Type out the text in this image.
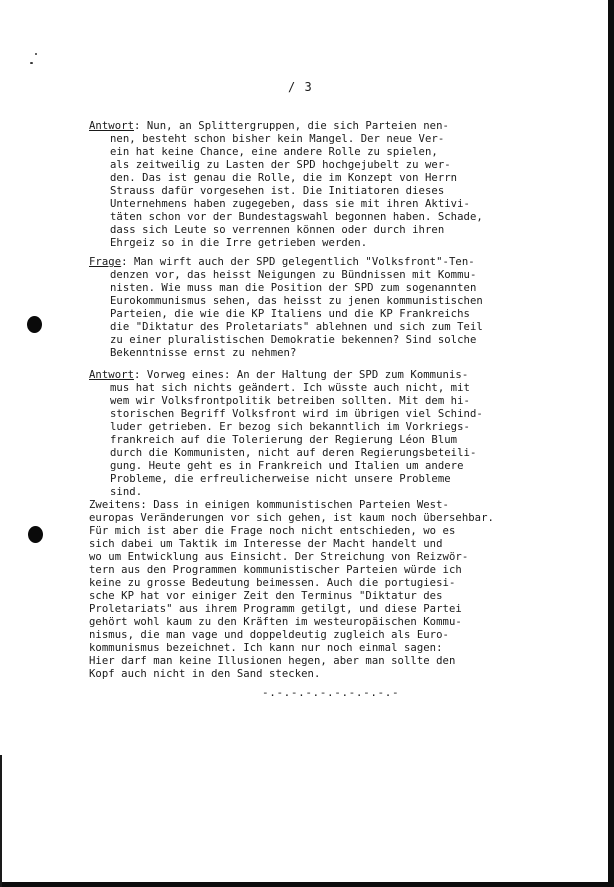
/ 3
Antwort: Nun, an Splittergruppen, die sich Parteien nen-
nen, besteht schon bisher kein Mangel. Der neue Ver-
ein hat keine Chance, eine andere Rolle zu spielen,
als zeitweilig zu Lasten der SPD hochgejubelt zu wer-
den. Das ist genau die Rolle, die im Konzept von Herrn
Strauss dafür vorgesehen ist. Die Initiatoren dieses
Unternehmens haben zugegeben, dass sie mit ihren Aktivi-
täten schon vor der Bundestagswahl begonnen haben. Schade,
dass sich Leute so verrennen können oder durch ihren
Ehrgeiz so in die Irre getrieben werden.
Frage: Man wirft auch der SPD gelegentlich "Volksfront"-Ten-
denzen vor, das heisst Neigungen zu Bündnissen mit Kommu-
nisten. Wie muss man die Position der SPD zum sogenannten
Eurokommunismus sehen, das heisst zu jenen kommunistischen
Parteien, die wie die KP Italiens und die KP Frankreichs
die "Diktatur des Proletariats" ablehnen und sich zum Teil
zu einer pluralistischen Demokratie bekennen? Sind solche
Bekenntnisse ernst zu nehmen?
Antwort: Vorweg eines: An der Haltung der SPD zum Kommunis-
mus hat sich nichts geändert. Ich wüsste auch nicht, mit
wem wir Volksfrontpolitik betreiben sollten. Mit dem hi-
storischen Begriff Volksfront wird im übrigen viel Schind-
luder getrieben. Er bezog sich bekanntlich im Vorkriegs-
frankreich auf die Tolerierung der Regierung Léon Blum
durch die Kommunisten, nicht auf deren Regierungsbeteili-
gung. Heute geht es in Frankreich und Italien um andere
Probleme, die erfreulicherweise nicht unsere Probleme
sind.
Zweitens: Dass in einigen kommunistischen Parteien West-
europas Veränderungen vor sich gehen, ist kaum noch übersehbar.
Für mich ist aber die Frage noch nicht entschieden, wo es
sich dabei um Taktik im Interesse der Macht handelt und
wo um Entwicklung aus Einsicht. Der Streichung von Reizwör-
tern aus den Programmen kommunistischer Parteien würde ich
keine zu grosse Bedeutung beimessen. Auch die portugiesi-
sche KP hat vor einiger Zeit den Terminus "Diktatur des
Proletariats" aus ihrem Programm getilgt, und diese Partei
gehört wohl kaum zu den Kräften im westeuropäischen Kommu-
nismus, die man vage und doppeldeutig zugleich als Euro-
kommunismus bezeichnet. Ich kann nur noch einmal sagen:
Hier darf man keine Illusionen hegen, aber man sollte den
Kopf auch nicht in den Sand stecken.
-.-.-.-.-.-.-.-.-.-
